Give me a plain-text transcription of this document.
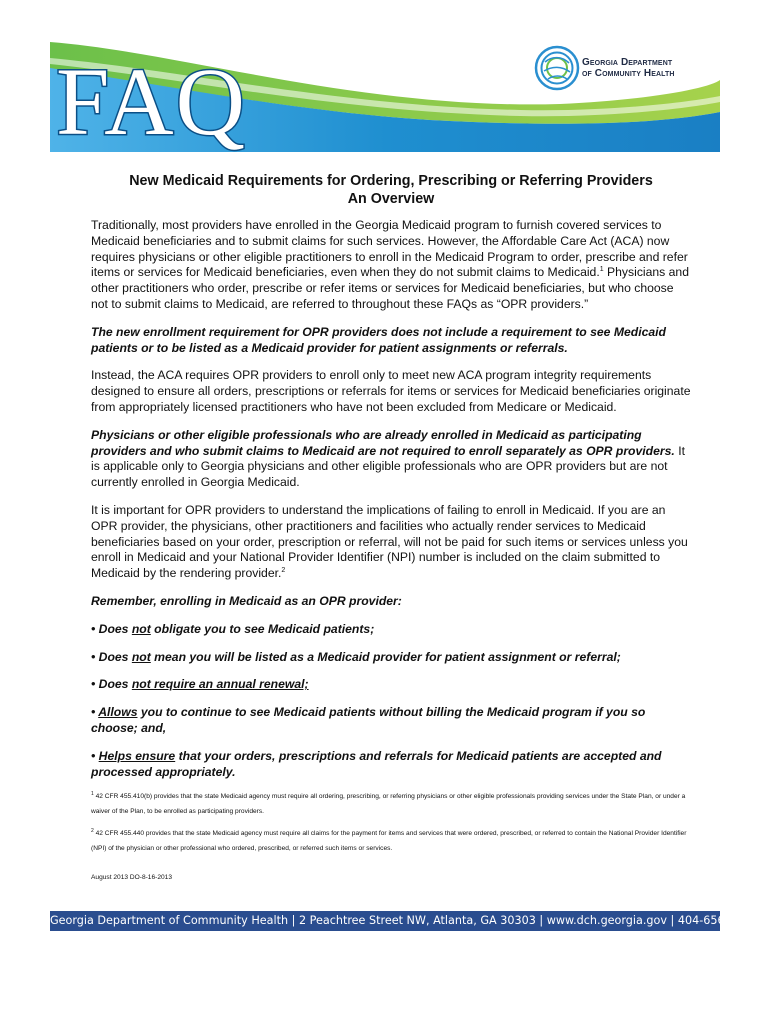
FAQ	Georgia Department
of Community Health
New Medicaid Requirements for Ordering, Prescribing or Referring Providers
An Overview

Traditionally, most providers have enrolled in the Georgia Medicaid program to furnish covered services to Medicaid beneficiaries and to submit claims for such services. However, the Affordable Care Act (ACA) now requires physicians or other eligible practitioners to enroll in the Medicaid Program to order, prescribe and refer items or services for Medicaid beneficiaries, even when they do not submit claims to Medicaid.$^1$ Physicians and other practitioners who order, prescribe or refer items or services for Medicaid beneficiaries, but who choose not to submit claims to Medicaid, are referred to throughout these FAQs as “OPR providers.”

The new enrollment requirement for OPR providers does not include a requirement to see Medicaid patients or to be listed as a Medicaid provider for patient assignments or referrals.

Instead, the ACA requires OPR providers to enroll only to meet new ACA program integrity requirements designed to ensure all orders, prescriptions or referrals for items or services for Medicaid beneficiaries originate from appropriately licensed practitioners who have not been excluded from Medicare or Medicaid.

Physicians or other eligible professionals who are already enrolled in Medicaid as participating providers and who submit claims to Medicaid are not required to enroll separately as OPR providers. It is applicable only to Georgia physicians and other eligible professionals who are OPR providers but are not currently enrolled in Georgia Medicaid.

It is important for OPR providers to understand the implications of failing to enroll in Medicaid. If you are an OPR provider, the physicians, other practitioners and facilities who actually render services to Medicaid beneficiaries based on your order, prescription or referral, will not be paid for such items or services unless you enroll in Medicaid and your National Provider Identifier (NPI) number is included on the claim submitted to Medicaid by the rendering provider.$^2$

Remember, enrolling in Medicaid as an OPR provider:

• Does not obligate you to see Medicaid patients;

• Does not mean you will be listed as a Medicaid provider for patient assignment or referral;

• Does not require an annual renewal;

• Allows you to continue to see Medicaid patients without billing the Medicaid program if you so choose; and,

• Helps ensure that your orders, prescriptions and referrals for Medicaid patients are accepted and processed appropriately.

$^1$ 42 CFR 455.410(b) provides that the state Medicaid agency must require all ordering, prescribing, or referring physicians or other eligible professionals providing services under the State Plan, or under a waiver of the Plan, to be enrolled as participating providers.

$^2$ 42 CFR 455.440 provides that the state Medicaid agency must require all claims for the payment for items and services that were ordered, prescribed, or referred to contain the National Provider Identifier (NPI) of the physician or other professional who ordered, prescribed, or referred such items or services.

August 2013 DO-8-16-2013

Georgia Department of Community Health | 2 Peachtree Street NW, Atlanta, GA 30303 | www.dch.georgia.gov | 404-656-4507
